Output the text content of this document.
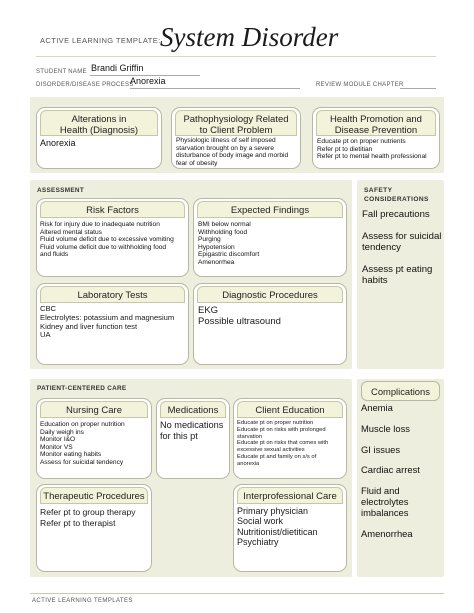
ACTIVE LEARNING TEMPLATE: System Disorder
STUDENT NAME Brandi Griffin
DISORDER/DISEASE PROCESS
Anorexia	REVIEW MODULE CHAPTER
Alterations in
Health (Diagnosis)
Anorexia
Pathophysiology Related
to Client Problem
Physiologic illness of self imposed
starvation brought on by a severe
disturbance of body image and morbid
fear of obesity
Health Promotion and
Disease Prevention
Educate pt on proper nutrients
Refer pt to dietitian
Refer pt to mental health professional
ASSESSMENT
Risk Factors
Risk for injury due to inadequate nutrition
Altered mental status
Fluid volume deficit due to excessive vomiting
Fluid volume deficit due to withholding food
and fluids
Expected Findings
BMI below normal
Withholding food
Purging
Hypotension
Epigastric discomfort
Amenorrhea
Laboratory Tests
CBC
Electrolytes: potassium and magnesium
Kidney and liver function test
UA
Diagnostic Procedures
EKG
Possible ultrasound
SAFETY
CONSIDERATIONS
Fall precautions
Assess for suicidal
tendency
Assess pt eating
habits
PATIENT-CENTERED CARE
Nursing Care
Education on proper nutrition
Daily weigh ins
Monitor I&O
Monitor VS
Monitor eating habits
Assess for suicidal tendency
Medications
No medications
for this pt
Client Education
Educate pt on proper nutrition
Educate pt on risks with prolonged
starvation
Educate pt on risks that comes with
excessive sexual activities
Educate pt and family on s/s of
anorexia
Therapeutic Procedures
Refer pt to group therapy
Refer pt to therapist
Interprofessional Care
Primary physician
Social work
Nutritionist/dietitican
Psychiatry
Complications
Anemia
Muscle loss
GI issues
Cardiac arrest
Fluid and
electrolytes
imbalances
Amenorrhea
ACTIVE LEARNING TEMPLATES
